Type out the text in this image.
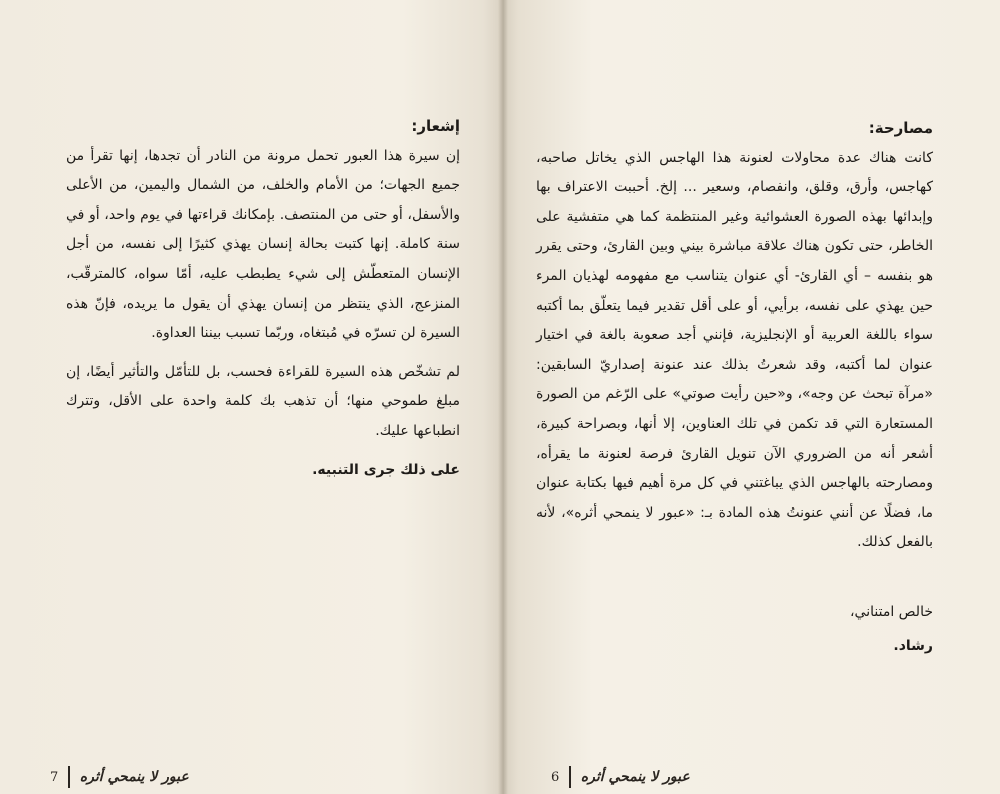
إشعار:

إن سيرة هذا العبور تحمل مرونة من النادر أن تجدها، إنها تقرأ من جميع الجهات؛ من الأمام والخلف، من الشمال واليمين، من الأعلى والأسفل، أو حتى من المنتصف. بإمكانك قراءتها في يوم واحد، أو في سنة كاملة. إنها كتبت بحالة إنسان يهذي كثيرًا إلى نفسه، من أجل الإنسان المتعطّش إلى شيء يطبطب عليه، أمّا سواه، كالمترقّب، المنزعج، الذي ينتظر من إنسان يهذي أن يقول ما يريده، فإنّ هذه السيرة لن تسرّه في مُبتغاه، وربّما تسبب بيننا العداوة.

لم تشخّص هذه السيرة للقراءة فحسب، بل للتأمّل والتأثير أيضًا، إن مبلغ طموحي منها؛ أن تذهب بك كلمة واحدة على الأقل، وتترك انطباعها عليك.

على ذلك جرى التنبيه.

7 عبور لا ينمحي أثره

مصارحة:

كانت هناك عدة محاولات لعنونة هذا الهاجس الذي يخاتل صاحبه، كهاجس، وأرق، وقلق، وانفصام، وسعير ... إلخ. أحببت الاعتراف بها وإبدائها بهذه الصورة العشوائية وغير المنتظمة كما هي متفشية على الخاطر، حتى تكون هناك علاقة مباشرة بيني وبين القارئ، وحتى يقرر هو بنفسه – أي القارئ- أي عنوان يتناسب مع مفهومه لهذيان المرء حين يهذي على نفسه، برأيي، أو على أقل تقدير فيما يتعلّق بما أكتبه سواء باللغة العربية أو الإنجليزية، فإنني أجد صعوبة بالغة في اختيار عنوان لما أكتبه، وقد شعرتُ بذلك عند عنونة إصداريّ السابقين: «مرآة تبحث عن وجه»، و«حين رأيت صوتي» على الرّغم من الصورة المستعارة التي قد تكمن في تلك العناوين، إلا أنها، وبصراحة كبيرة، أشعر أنه من الضروري الآن تنويل القارئ فرصة لعنونة ما يقرأه، ومصارحته بالهاجس الذي يباغتني في كل مرة أهيم فيها بكتابة عنوان ما، فضلًا عن أنني عنونتُ هذه المادة بـ: «عبور لا ينمحي أثره»، لأنه بالفعل كذلك.

خالص امتناني،

رشاد.

6 عبور لا ينمحي أثره
